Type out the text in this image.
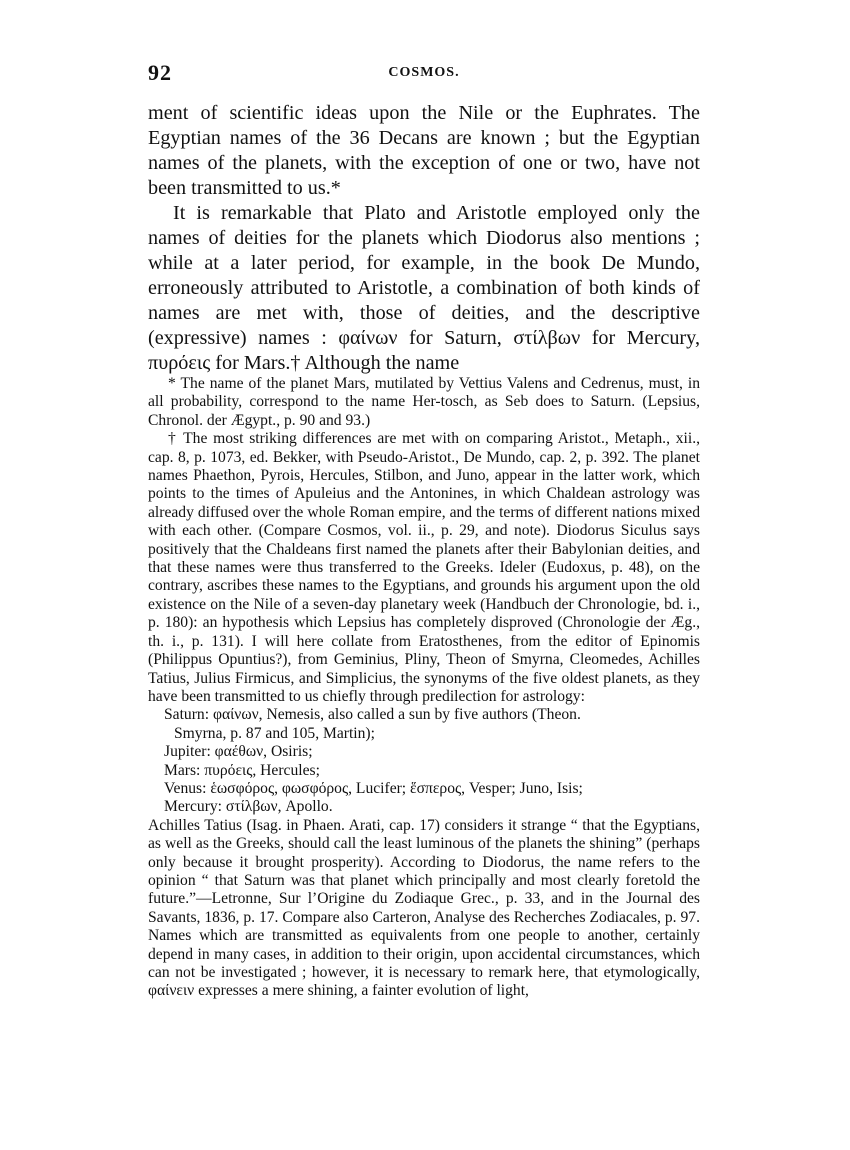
92	COSMOS.

ment of scientific ideas upon the Nile or the Euphrates. The Egyptian names of the 36 Decans are known ; but the Egyptian names of the planets, with the exception of one or two, have not been transmitted to us.*

It is remarkable that Plato and Aristotle employed only the names of deities for the planets which Diodorus also mentions ; while at a later period, for example, in the book De Mundo, erroneously attributed to Aristotle, a combination of both kinds of names are met with, those of deities, and the descriptive (expressive) names : φαίνων for Saturn, στίλβων for Mercury, πυρόεις for Mars.† Although the name

* The name of the planet Mars, mutilated by Vettius Valens and Cedrenus, must, in all probability, correspond to the name Her-tosch, as Seb does to Saturn. (Lepsius, Chronol. der Ægypt., p. 90 and 93.)

† The most striking differences are met with on comparing Aristot., Metaph., xii., cap. 8, p. 1073, ed. Bekker, with Pseudo-Aristot., De Mundo, cap. 2, p. 392. The planet names Phaethon, Pyrois, Hercules, Stilbon, and Juno, appear in the latter work, which points to the times of Apuleius and the Antonines, in which Chaldean astrology was already diffused over the whole Roman empire, and the terms of different nations mixed with each other. (Compare Cosmos, vol. ii., p. 29, and note). Diodorus Siculus says positively that the Chaldeans first named the planets after their Babylonian deities, and that these names were thus transferred to the Greeks. Ideler (Eudoxus, p. 48), on the contrary, ascribes these names to the Egyptians, and grounds his argument upon the old existence on the Nile of a seven-day planetary week (Handbuch der Chronologie, bd. i., p. 180): an hypothesis which Lepsius has completely disproved (Chronologie der Æg., th. i., p. 131). I will here collate from Eratosthenes, from the editor of Epinomis (Philippus Opuntius?), from Geminius, Pliny, Theon of Smyrna, Cleomedes, Achilles Tatius, Julius Firmicus, and Simplicius, the synonyms of the five oldest planets, as they have been transmitted to us chiefly through predilection for astrology:

Saturn: φαίνων, Nemesis, also called a sun by five authors (Theon.

Smyrna, p. 87 and 105, Martin);

Jupiter: φαέθων, Osiris;

Mars: πυρόεις, Hercules;

Venus: ἑωσφόρος, φωσφόρος, Lucifer; ἕσπερος, Vesper; Juno, Isis;

Mercury: στίλβων, Apollo.

Achilles Tatius (Isag. in Phaen. Arati, cap. 17) considers it strange “ that the Egyptians, as well as the Greeks, should call the least luminous of the planets the shining” (perhaps only because it brought prosperity). According to Diodorus, the name refers to the opinion “ that Saturn was that planet which principally and most clearly foretold the future.”—Letronne, Sur l’Origine du Zodiaque Grec., p. 33, and in the Journal des Savants, 1836, p. 17. Compare also Carteron, Analyse des Recherches Zodiacales, p. 97. Names which are transmitted as equivalents from one people to another, certainly depend in many cases, in addition to their origin, upon accidental circumstances, which can not be investigated ; however, it is necessary to remark here, that etymologically, φαίνειν expresses a mere shining, a fainter evolution of light,
